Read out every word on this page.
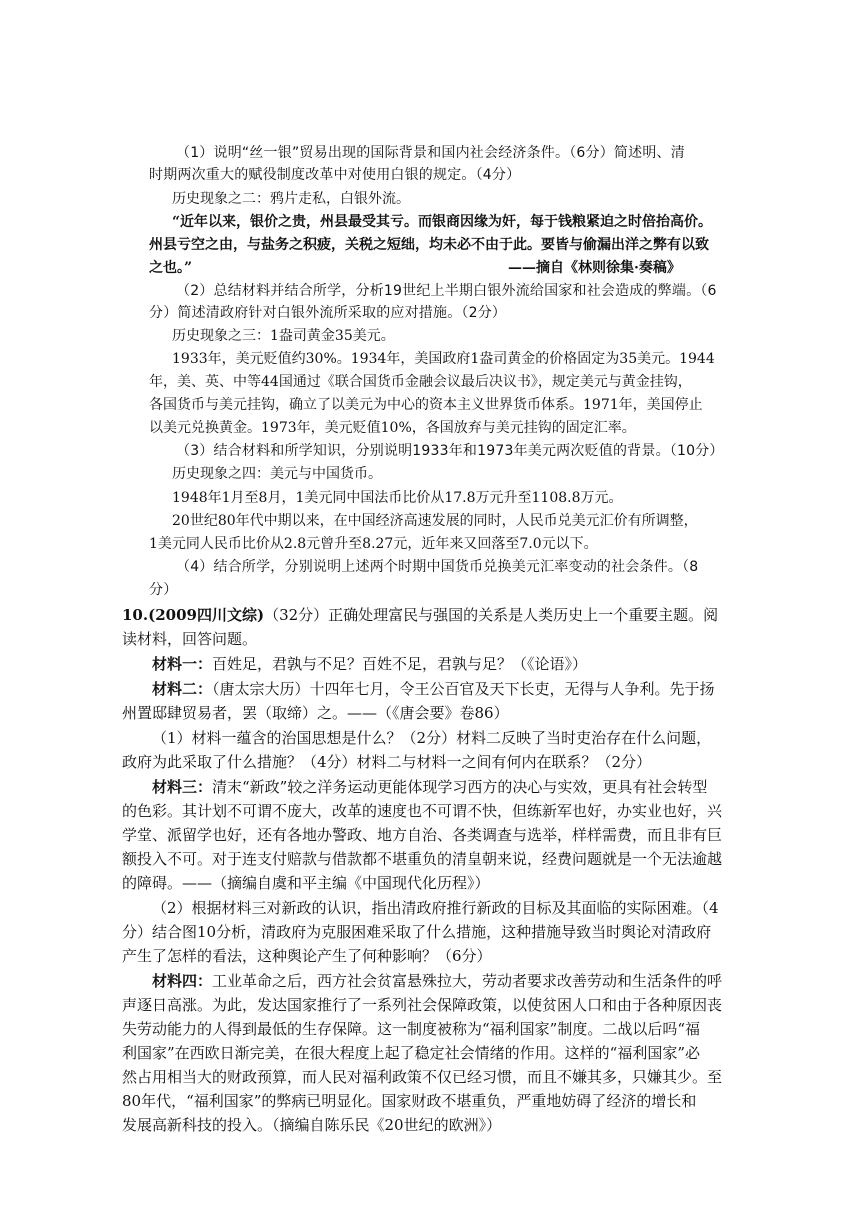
（1）说明“丝一银”贸易出现的国际背景和国内社会经济条件。（6分）简述明、清
时期两次重大的赋役制度改革中对使用白银的规定。（4分）
历史现象之二：鸦片走私，白银外流。
“近年以来，银价之贵，州县最受其亏。而银商因缘为奸，每于钱粮紧迫之时倍抬高价。
州县亏空之由，与盐务之积疲，关税之短绌，均未必不由于此。要皆与偷漏出洋之弊有以致
之也。”	——摘自《林则徐集·奏稿》
（2）总结材料并结合所学，分析19世纪上半期白银外流给国家和社会造成的弊端。（6
分）简述清政府针对白银外流所采取的应对措施。（2分）
历史现象之三：1盎司黄金35美元。
1933年，美元贬值约30%。1934年，美国政府1盎司黄金的价格固定为35美元。1944
年，美、英、中等44国通过《联合国货币金融会议最后决议书》，规定美元与黄金挂钩，
各国货币与美元挂钩，确立了以美元为中心的资本主义世界货币体系。1971年，美国停止
以美元兑换黄金。1973年，美元贬值10%，各国放弃与美元挂钩的固定汇率。
（3）结合材料和所学知识，分别说明1933年和1973年美元两次贬值的背景。（10分）
历史现象之四：美元与中国货币。
1948年1月至8月，1美元同中国法币比价从17.8万元升至1108.8万元。
20世纪80年代中期以来，在中国经济高速发展的同时，人民币兑美元汇价有所调整，
1美元同人民币比价从2.8元曾升至8.27元，近年来又回落至7.0元以下。
（4）结合所学，分别说明上述两个时期中国货币兑换美元汇率变动的社会条件。（8
分）
10.(2009四川文综)（32分）正确处理富民与强国的关系是人类历史上一个重要主题。阅
读材料，回答问题。
材料一：百姓足，君孰与不足？百姓不足，君孰与足？（《论语》）
材料二：（唐太宗大历）十四年七月，令王公百官及天下长吏，无得与人争利。先于扬
州置邸肆贸易者，罢（取缔）之。——（《唐会要》卷86）
（1）材料一蕴含的治国思想是什么？（2分）材料二反映了当时吏治存在什么问题，
政府为此采取了什么措施？（4分）材料二与材料一之间有何内在联系？（2分）
材料三：清末“新政”较之洋务运动更能体现学习西方的决心与实效，更具有社会转型
的色彩。其计划不可谓不庞大，改革的速度也不可谓不快，但练新军也好，办实业也好，兴
学堂、派留学也好，还有各地办警政、地方自治、各类调查与选举，样样需费，而且非有巨
额投入不可。对于连支付赔款与借款都不堪重负的清皇朝来说，经费问题就是一个无法逾越
的障碍。——（摘编自虞和平主编《中国现代化历程》）
（2）根据材料三对新政的认识，指出清政府推行新政的目标及其面临的实际困难。（4
分）结合图10分析，清政府为克服困难采取了什么措施，这种措施导致当时舆论对清政府
产生了怎样的看法，这种舆论产生了何种影响？（6分）
材料四：工业革命之后，西方社会贫富悬殊拉大，劳动者要求改善劳动和生活条件的呼
声逐日高涨。为此，发达国家推行了一系列社会保障政策，以使贫困人口和由于各种原因丧
失劳动能力的人得到最低的生存保障。这一制度被称为“福利国家”制度。二战以后吗“福
利国家”在西欧日渐完美，在很大程度上起了稳定社会情绪的作用。这样的“福利国家”必
然占用相当大的财政预算，而人民对福利政策不仅已经习惯，而且不嫌其多，只嫌其少。至
80年代，“福利国家”的弊病已明显化。国家财政不堪重负，严重地妨碍了经济的增长和
发展高新科技的投入。（摘编自陈乐民《20世纪的欧洲》）
